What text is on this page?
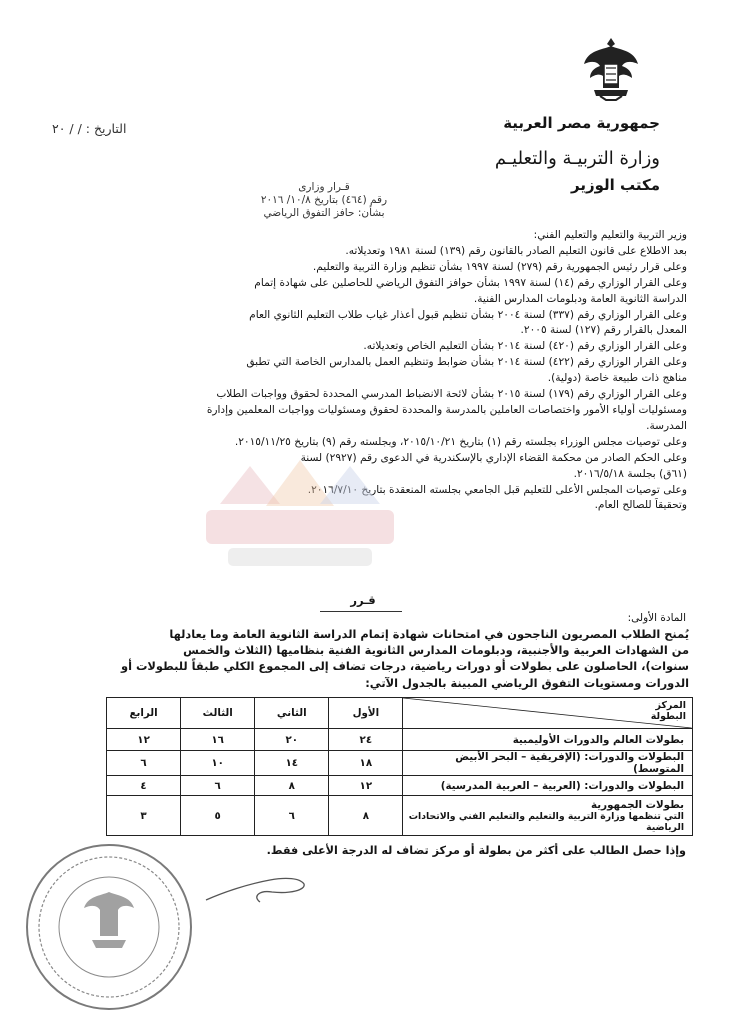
جمهورية مصر العربية
وزارة التربيـة والتعليـم
مكتب الوزير
التاريخ : / / ٢٠
قـرار وزارى
رقم (٤٦٤) بتاريخ ١٠/٨/ ٢٠١٦
بشأن: حافز التفوق الرياضي

وزير التربية والتعليم والتعليم الفني:

بعد الاطلاع على قانون التعليم الصادر بالقانون رقم (١٣٩) لسنة ١٩٨١ وتعديلاته.

وعلى قرار رئيس الجمهورية رقم (٢٧٩) لسنة ١٩٩٧ بشأن تنظيم وزارة التربية والتعليم.

وعلى القرار الوزاري رقم (١٤) لسنة ١٩٩٧ بشأن حوافز التفوق الرياضي للحاصلين على شهادة إتمام

الدراسة الثانوية العامة ودبلومات المدارس الفنية.

وعلى القرار الوزاري رقم (٣٣٧) لسنة ٢٠٠٤ بشأن تنظيم قبول أعذار غياب طلاب التعليم الثانوي العام

المعدل بالقرار رقم (١٢٧) لسنة ٢٠٠٥.

وعلى القرار الوزاري رقم (٤٢٠) لسنة ٢٠١٤ بشأن التعليم الخاص وتعديلاته.

وعلى القرار الوزاري رقم (٤٢٢) لسنة ٢٠١٤ بشأن ضوابط وتنظيم العمل بالمدارس الخاصة التي تطبق

مناهج ذات طبيعة خاصة (دولية).

وعلى القرار الوزاري رقم (١٧٩) لسنة ٢٠١٥ بشأن لائحة الانضباط المدرسي المحددة لحقوق وواجبات الطلاب

ومسئوليات أولياء الأمور واختصاصات العاملين بالمدرسة والمحددة لحقوق ومسئوليات وواجبات المعلمين وإدارة

المدرسة.

وعلى توصيات مجلس الوزراء بجلسته رقم (١) بتاريخ ٢٠١٥/١٠/٢١، وبجلسته رقم (٩) بتاريخ ٢٠١٥/١١/٢٥.

وعلى الحكم الصادر من محكمة القضاء الإداري بالإسكندرية في الدعوى رقم (٢٩٢٧) لسنة

(٦١ق) بجلسة ٢٠١٦/٥/١٨.

وعلى توصيات المجلس الأعلى للتعليم قبل الجامعي بجلسته المنعقدة بتاريخ ٢٠١٦/٧/١٠.

وتحقيقاً للصالح العام.

قـرر
المادة الأولى:

يُمنح الطلاب المصريون الناجحون في امتحانات شهادة إتمام الدراسة الثانوية العامة وما يعادلها

من الشهادات العربية والأجنبية، ودبلومات المدارس الثانوية الفنية بنظاميها (الثلاث والخمس

سنوات)، الحاصلون على بطولات أو دورات رياضية، درجات تضاف إلى المجموع الكلي طبقاً للبطولات أو

الدورات ومستويات التفوق الرياضي المبينة بالجدول الآتي:

المركز
البطولة	الأول	الثاني	الثالث	الرابع
بطولات العالم والدورات الأوليمبية	٢٤	٢٠	١٦	١٢
البطولات والدورات: (الإفريقية – البحر الأبيض المتوسط)	١٨	١٤	١٠	٦
البطولات والدورات: (العربية – العربية المدرسية)	١٢	٨	٦	٤

بطولات الجمهورية
التي تنظمها وزارة التربية والتعليم والتعليم الفني والاتحادات الرياضية	٨	٦	٥	٣
وإذا حصل الطالب على أكثر من بطولة أو مركز تضاف له الدرجة الأعلى فقط.
